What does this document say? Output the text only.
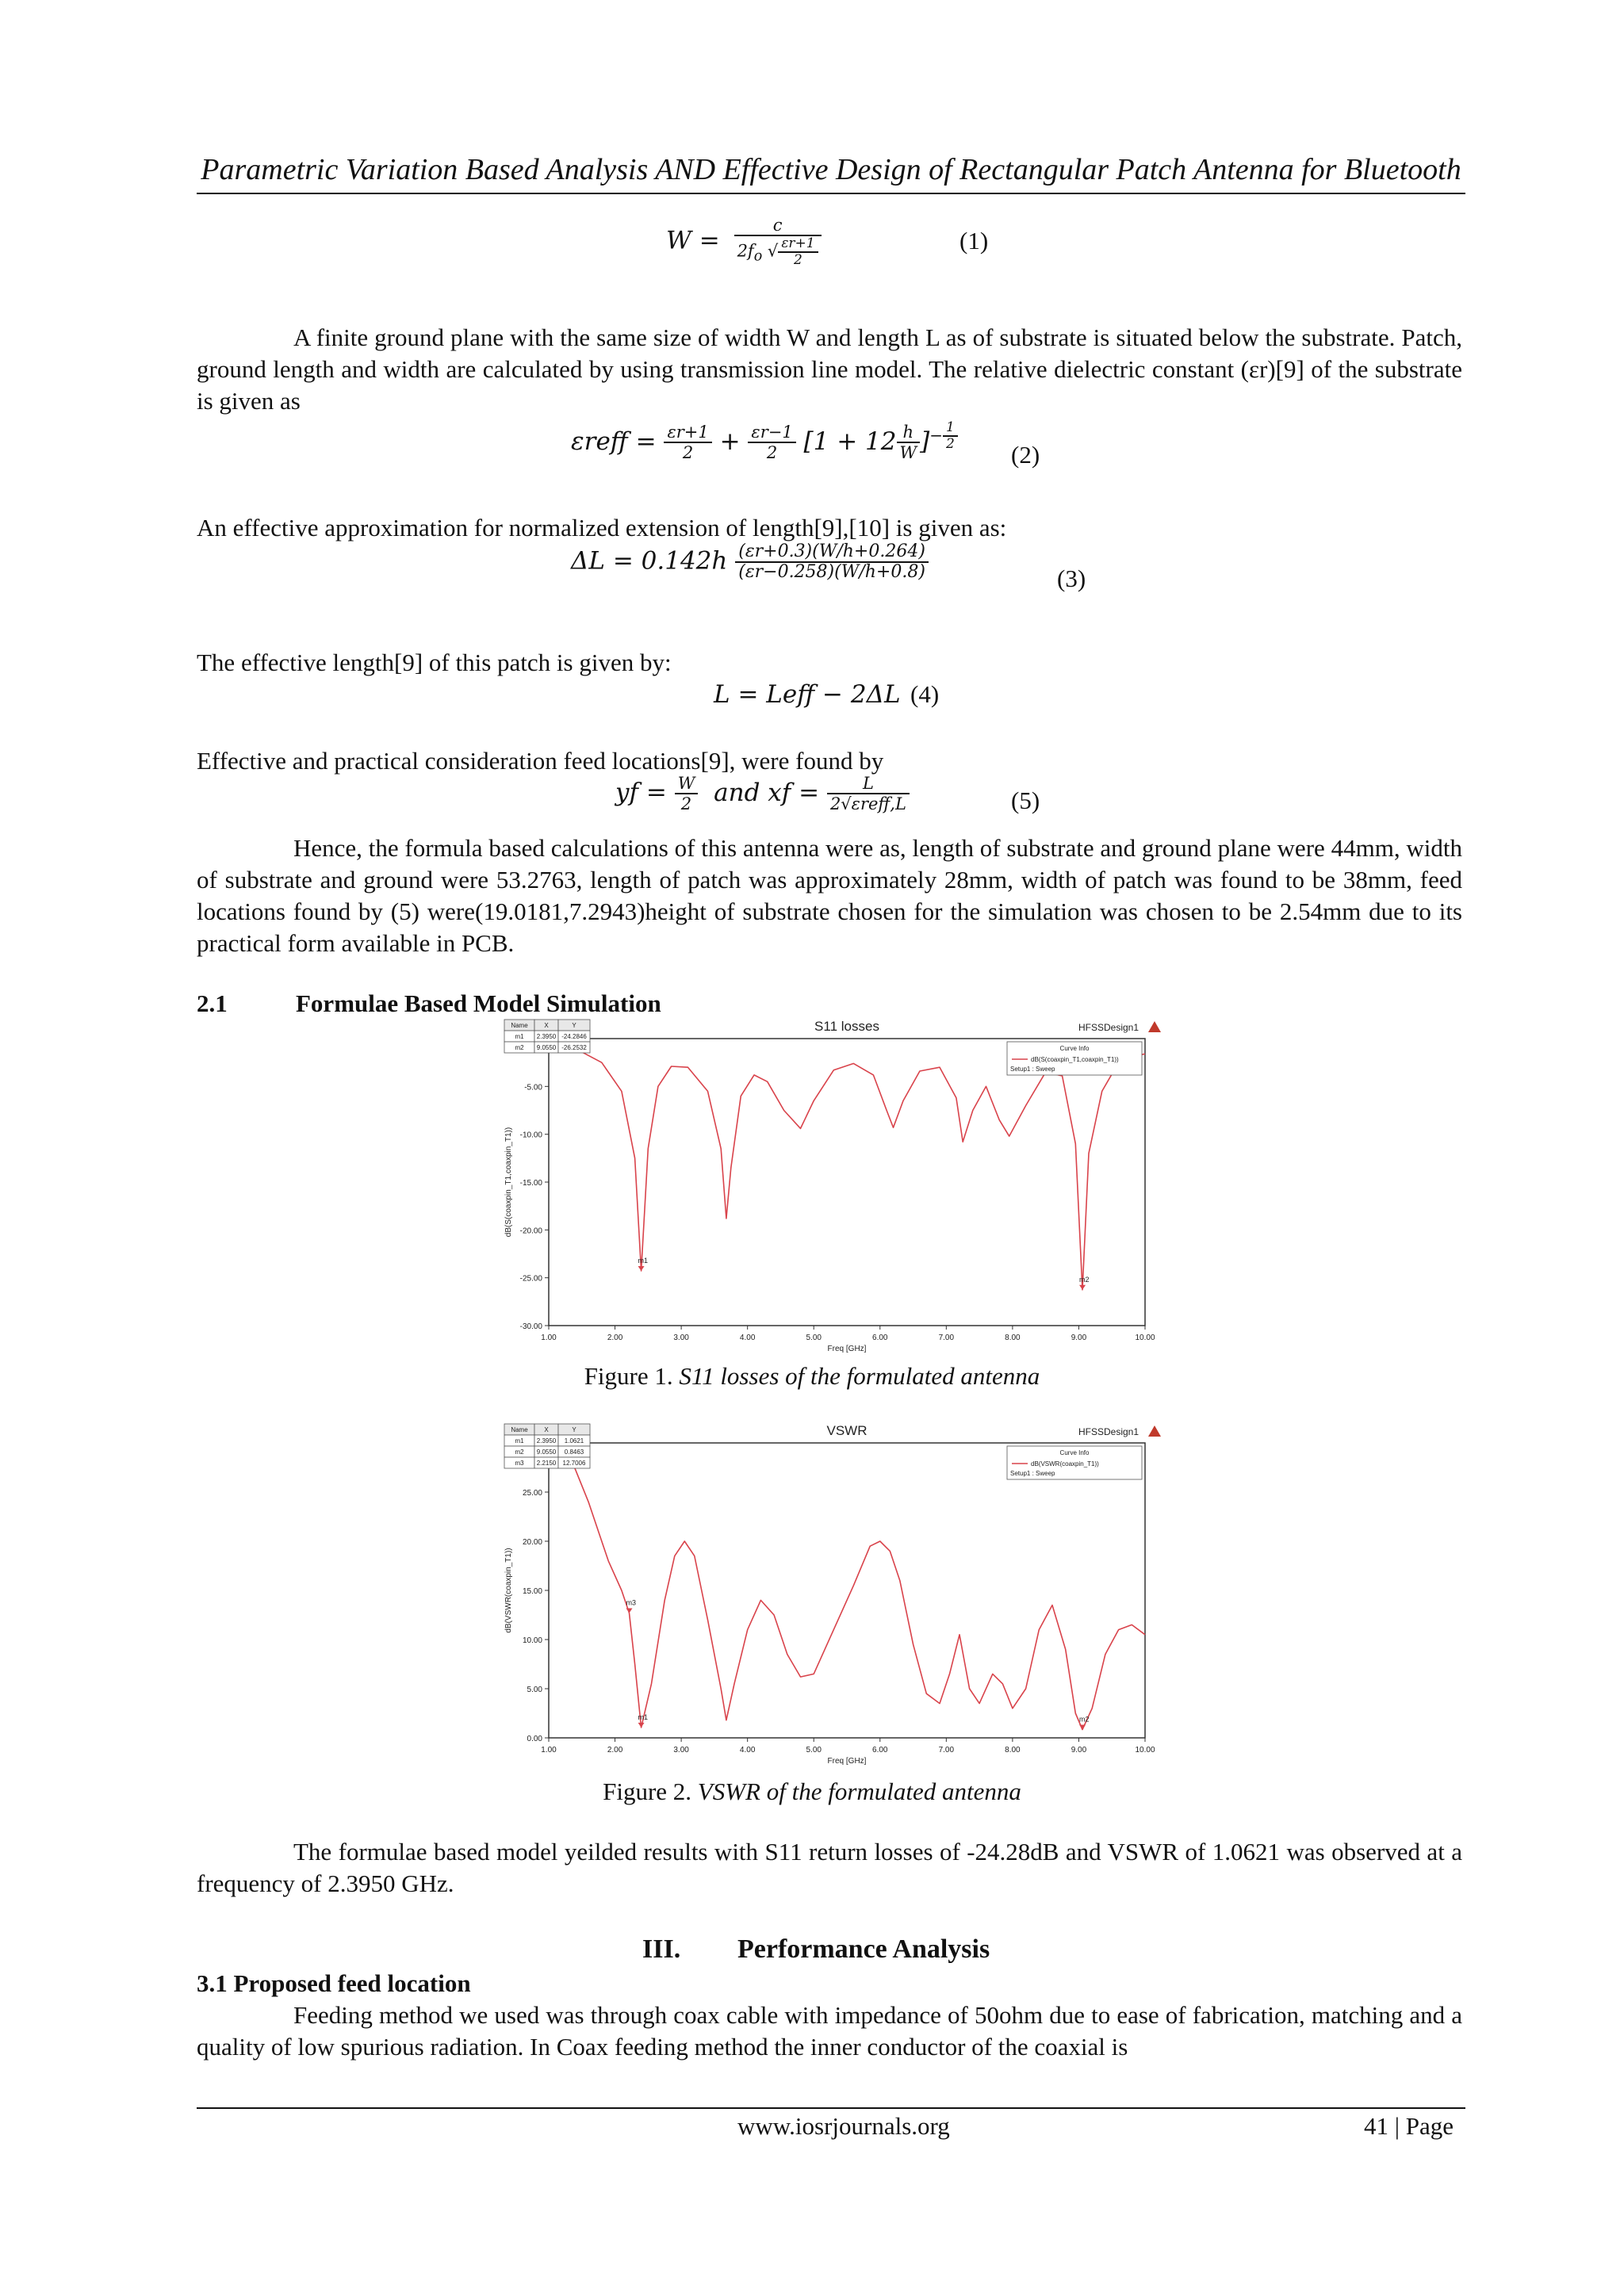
Parametric Variation Based Analysis AND Effective Design of Rectangular Patch Antenna for Bluetooth
$W = \frac{c}{2f_o √ \frac{\varepsilon r+1}{2}}$	(1)
A finite ground plane with the same size of width W and length L as of substrate is situated below the substrate. Patch, ground length and width are calculated by using transmission line model. The relative dielectric constant (εr)[9] of the substrate is given as
εreff = $\frac{\varepsilon r+1}{2} + \frac{\varepsilon r-1}{2} [1 + 12 \frac{h}{W} ]^{- \frac{1}{2}}$
(2)
An effective approximation for normalized extension of length[9],[10] is given as:
$\Delta L = 0.142h \frac{(\varepsilon r+0.3)(W/h+0.264)}{(\varepsilon r-0.258)(W/h+0.8)}$	(3)
The effective length[9] of this patch is given by:
L = Leff − 2ΔL (4)
Effective and practical consideration feed locations[9], were found by
yf = $\frac{W}{2}$ and xf = $\frac{L}{\text{2√εreff,L}}$	(5)
Hence, the formula based calculations of this antenna were as, length of substrate and ground plane were 44mm, width of substrate and ground were 53.2763, length of patch was approximately 28mm, width of patch was found to be 38mm, feed locations found by (5) were(19.0181,7.2943)height of substrate chosen for the simulation was chosen to be 2.54mm due to its practical form available in PCB.
2.1	Formulae Based Model Simulation
S11 losses	HFSSDesign1
1.00	2.00	3.00	4.00	5.00	6.00	7.00	8.00	9.00	10.00
Freq [GHz]
-5.00
-10.00
-15.00
-20.00
-25.00
-30.00
dB(S(coaxpin_T1,coaxpin_T1))
m1
m2
Name	X	Y
m1 2.3950 -24.2846
m2 9.0550 -26.2532	Curve Info
dB(S(coaxpin_T1,coaxpin_T1))
Setup1 : Sweep
Figure 1. S11 losses of the formulated antenna
VSWR	HFSSDesign1
1.00	2.00	3.00	4.00	5.00	6.00	7.00	8.00	9.00	10.00
Freq [GHz]
25.00
20.00
15.00
10.00
5.00
0.00
dB(VSWR(coaxpin_T1))
m1	m2
m3
Name	X	Y
m1 2.3950 1.0621
m2 9.0550 0.8463
m3 2.2150 12.7006
Curve Info
dB(VSWR(coaxpin_T1))
Setup1 : Sweep
Figure 2. VSWR of the formulated antenna
The formulae based model yeilded results with S11 return losses of -24.28dB and VSWR of 1.0621 was observed at a frequency of 2.3950 GHz.
III. Performance Analysis
3.1 Proposed feed location
Feeding method we used was through coax cable with impedance of 50ohm due to ease of fabrication, matching and a quality of low spurious radiation. In Coax feeding method the inner conductor of the coaxial is
www.iosrjournals.org	41 | Page
